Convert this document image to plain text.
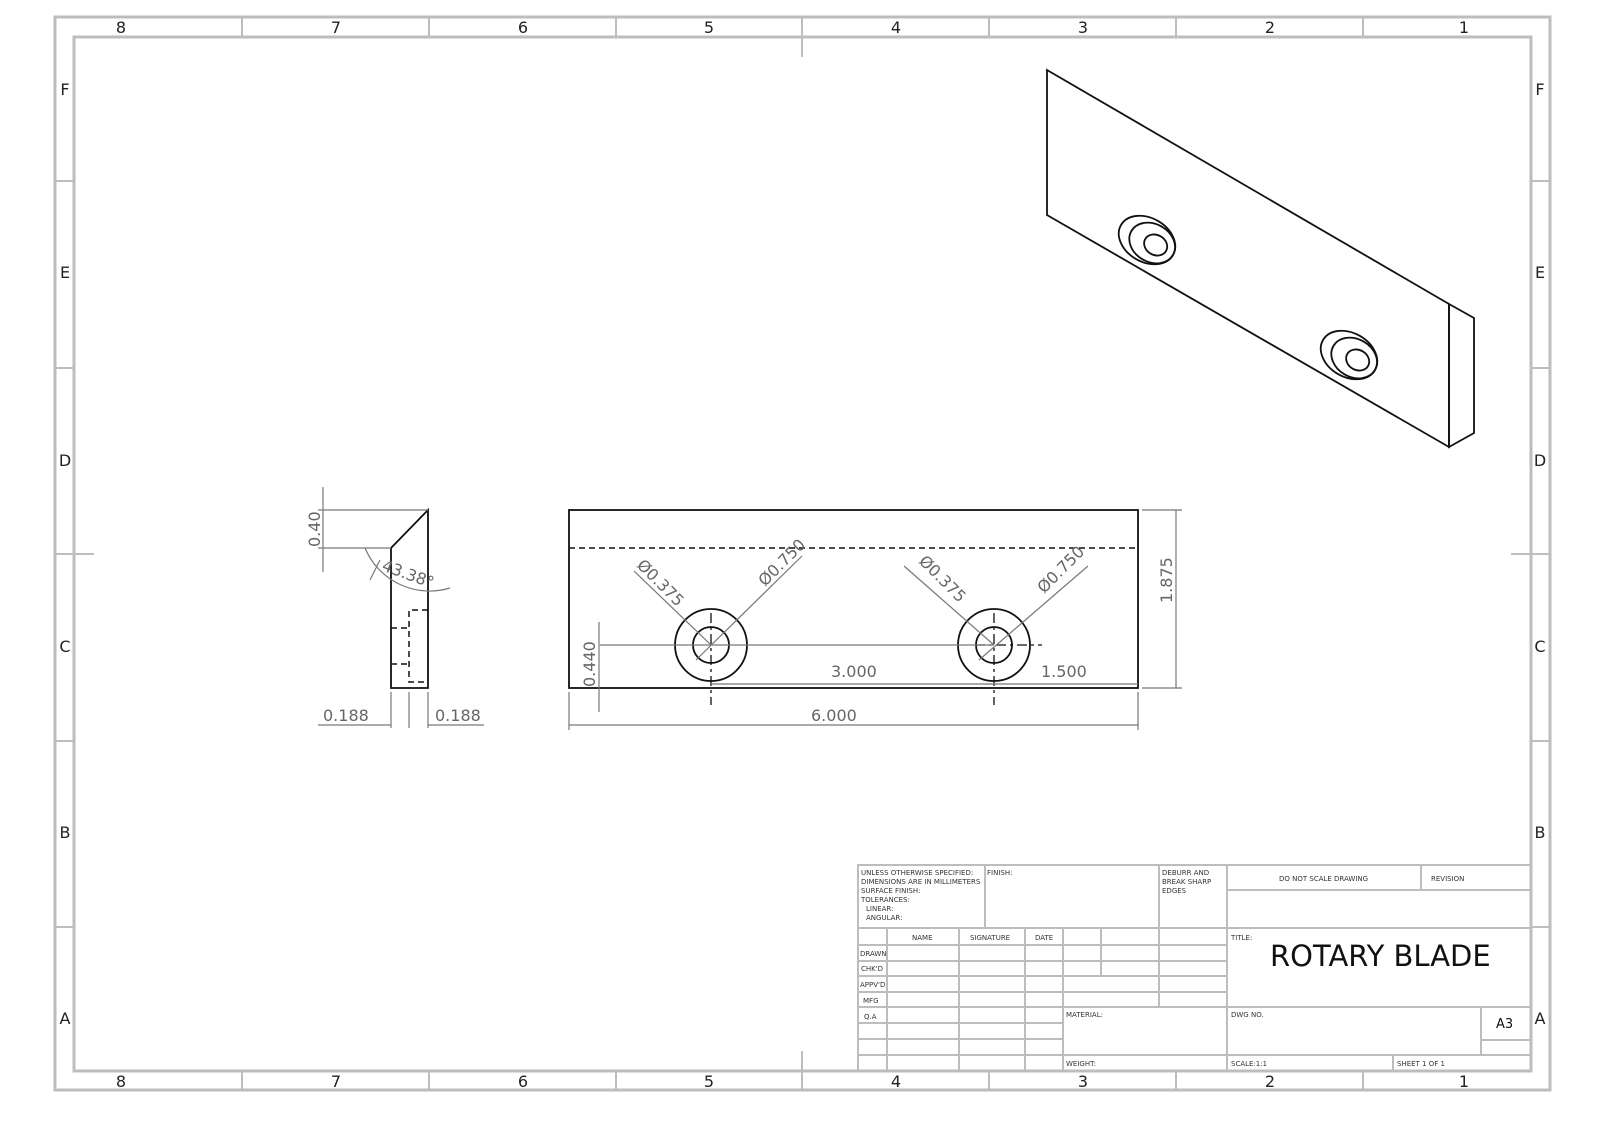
8	7	6	5	4	3	2	1
8	7	6	5	4	3	2	1
F
E
D
C
B
A
F
E
D
C
B
A
0.40
43.38°
0.188	0.188
Ø0.375	Ø0.750	Ø0.375	Ø0.750
0.440	3.000	1.500
6.000
1.875
UNLESS OTHERWISE SPECIFIED:
DIMENSIONS ARE IN MILLIMETERS
SURFACE FINISH:
TOLERANCES:
LINEAR:
ANGULAR:
FINISH:	DEBURR AND
BREAK SHARP
EDGES
DO NOT SCALE DRAWING	REVISION
NAME	SIGNATURE	DATE
DRAWN
CHK'D
APPV'D
MFG
Q.A
TITLE:
ROTARY BLADE
MATERIAL:	DWG NO.
A3
WEIGHT:	SCALE:1:1	SHEET 1 OF 1
